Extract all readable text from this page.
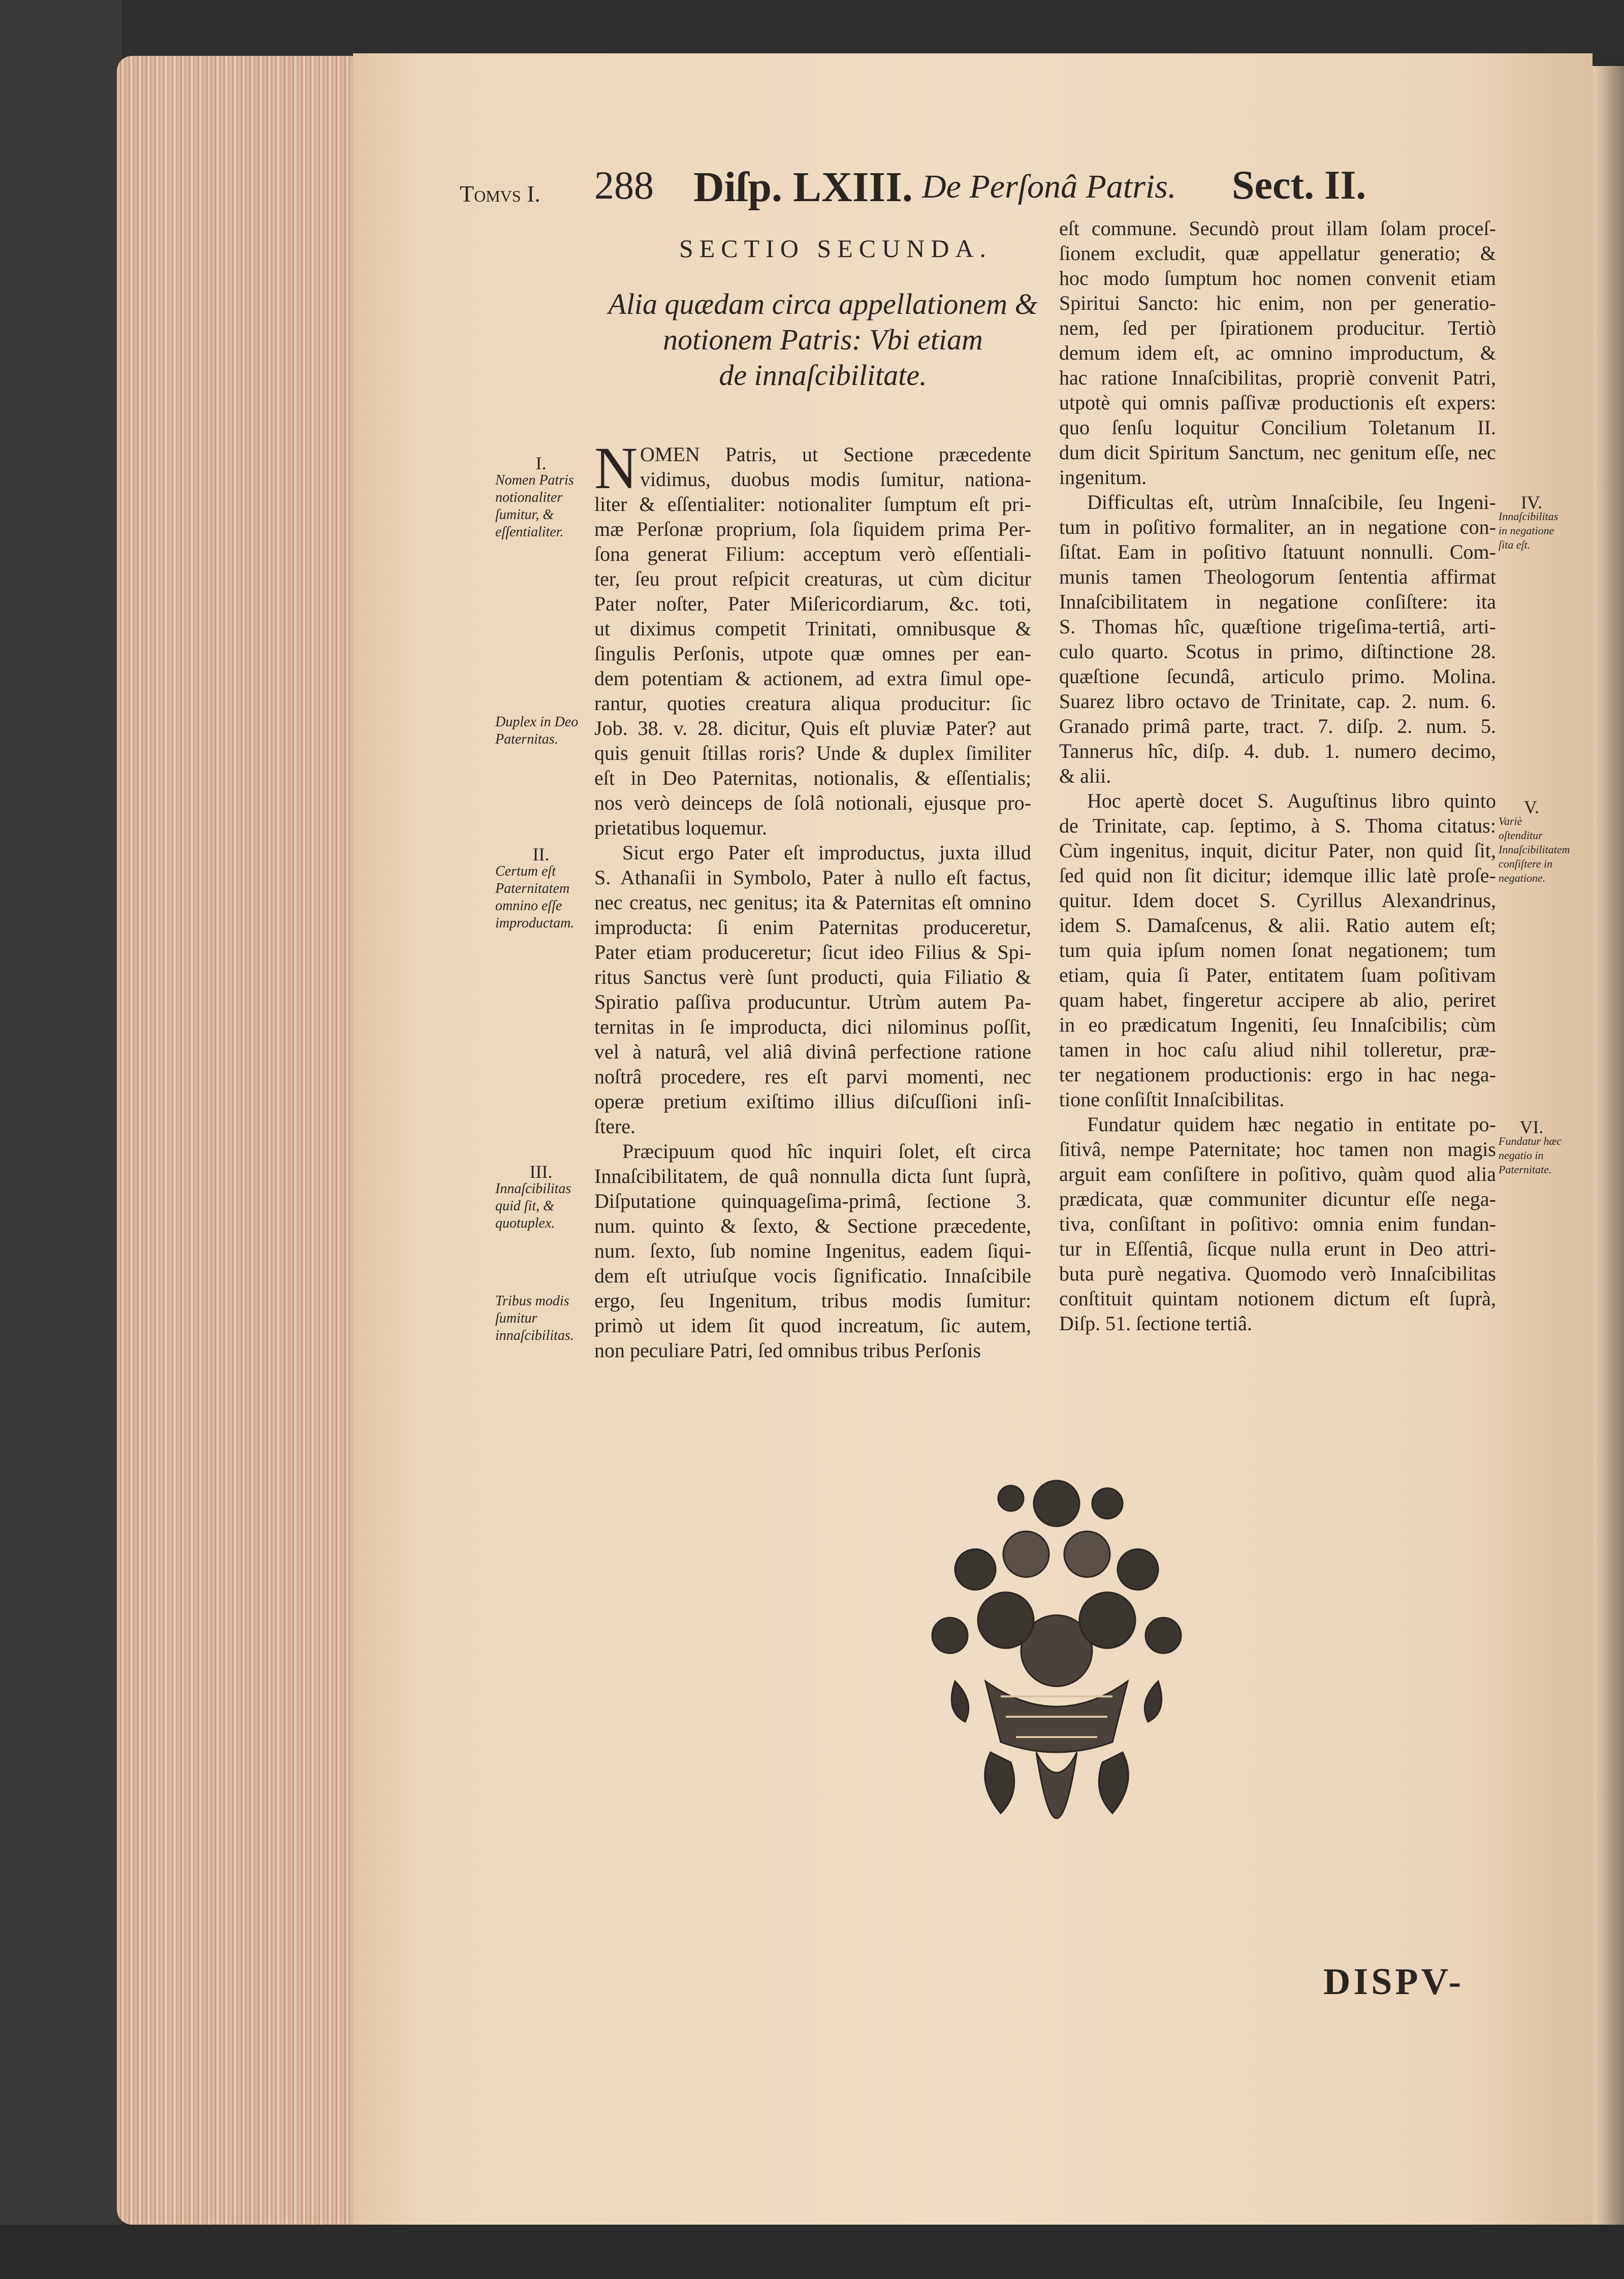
Tomvs I. 288 Diſp. LXIII. De Perſonâ Patris. Sect. II.
SECTIO SECUNDA.
Alia quædam circa appellationem &
notionem Patris: Vbi etiam
de innaſcibilitate.
N OMEN Patris, ut Sectione præcedente
vidimus, duobus modis ſumitur, nationa-
liter & eſſentialiter: notionaliter ſumptum eſt pri-
mæ Perſonæ proprium, ſola ſiquidem prima Per-
ſona generat Filium: acceptum verò eſſentiali-
ter, ſeu prout reſpicit creaturas, ut cùm dicitur
Pater noſter, Pater Miſericordiarum, &c. toti,
ut diximus competit Trinitati, omnibusque &
ſingulis Perſonis, utpote quæ omnes per ean-
dem potentiam & actionem, ad extra ſimul ope-
rantur, quoties creatura aliqua producitur: ſic
Job. 38. v. 28. dicitur, Quis eſt pluviæ Pater? aut
quis genuit ſtillas roris? Unde & duplex ſimiliter
eſt in Deo Paternitas, notionalis, & eſſentialis;
nos verò deinceps de ſolâ notionali, ejusque pro-
prietatibus loquemur.
Sicut ergo Pater eſt improductus, juxta illud
S. Athanaſii in Symbolo, Pater à nullo eſt factus,
nec creatus, nec genitus; ita & Paternitas eſt omnino
improducta: ſi enim Paternitas produceretur,
Pater etiam produceretur; ſicut ideo Filius & Spi-
ritus Sanctus verè ſunt producti, quia Filiatio &
Spiratio paſſiva producuntur. Utrùm autem Pa-
ternitas in ſe improducta, dici nilominus poſſit,
vel à naturâ, vel aliâ divinâ perfectione ratione
noſtrâ procedere, res eſt parvi momenti, nec
operæ pretium exiſtimo illius diſcuſſioni inſi-
ſtere.
Præcipuum quod hîc inquiri ſolet, eſt circa
Innaſcibilitatem, de quâ nonnulla dicta ſunt ſuprà,
Diſputatione quinquageſima-primâ, ſectione 3.
num. quinto & ſexto, & Sectione præcedente,
num. ſexto, ſub nomine Ingenitus, eadem ſiqui-
dem eſt utriuſque vocis ſignificatio. Innaſcibile
ergo, ſeu Ingenitum, tribus modis ſumitur:
primò ut idem ſit quod increatum, ſic autem,
non peculiare Patri, ſed omnibus tribus Perſonis
eſt commune. Secundò prout illam ſolam proceſ-
ſionem excludit, quæ appellatur generatio; &
hoc modo ſumptum hoc nomen convenit etiam
Spiritui Sancto: hic enim, non per generatio-
nem, ſed per ſpirationem producitur. Tertiò
demum idem eſt, ac omnino improductum, &
hac ratione Innaſcibilitas, propriè convenit Patri,
utpotè qui omnis paſſivæ productionis eſt expers:
quo ſenſu loquitur Concilium Toletanum II.
dum dicit Spiritum Sanctum, nec genitum eſſe, nec
ingenitum.
Difficultas eſt, utrùm Innaſcibile, ſeu Ingeni-
tum in poſitivo formaliter, an in negatione con-
ſiſtat. Eam in poſitivo ſtatuunt nonnulli. Com-
munis tamen Theologorum ſententia affirmat
Innaſcibilitatem in negatione conſiſtere: ita
S. Thomas hîc, quæſtione trigeſima-tertiâ, arti-
culo quarto. Scotus in primo, diſtinctione 28.
quæſtione ſecundâ, articulo primo. Molina.
Suarez libro octavo de Trinitate, cap. 2. num. 6.
Granado primâ parte, tract. 7. diſp. 2. num. 5.
Tannerus hîc, diſp. 4. dub. 1. numero decimo,
& alii.
Hoc apertè docet S. Auguſtinus libro quinto
de Trinitate, cap. ſeptimo, à S. Thoma citatus:
Cùm ingenitus, inquit, dicitur Pater, non quid ſit,
ſed quid non ſit dicitur; idemque illic latè proſe-
quitur. Idem docet S. Cyrillus Alexandrinus,
idem S. Damaſcenus, & alii. Ratio autem eſt;
tum quia ipſum nomen ſonat negationem; tum
etiam, quia ſi Pater, entitatem ſuam poſitivam
quam habet, fingeretur accipere ab alio, periret
in eo prædicatum Ingeniti, ſeu Innaſcibilis; cùm
tamen in hoc caſu aliud nihil tolleretur, præ-
ter negationem productionis: ergo in hac nega-
tione conſiſtit Innaſcibilitas.
Fundatur quidem hæc negatio in entitate po-
ſitivâ, nempe Paternitate; hoc tamen non magis
arguit eam conſiſtere in poſitivo, quàm quod alia
prædicata, quæ communiter dicuntur eſſe nega-
tiva, conſiſtant in poſitivo: omnia enim fundan-
tur in Eſſentiâ, ſicque nulla erunt in Deo attri-
buta purè negativa. Quomodo verò Innaſcibilitas
conſtituit quintam notionem dictum eſt ſuprà,
Diſp. 51. ſectione tertiâ.
I.
Nomen Patris notionaliter ſumitur, & eſſentialiter.
Duplex in Deo Paternitas.
II.
Certum eſt Paternitatem omnino eſſe improductam.
III.
Innaſcibilitas quid ſit, & quotuplex.
Tribus modis ſumitur innaſcibilitas.
IV.
Innaſcibilitas in negatione ſita eſt.
V.
Variè oſtenditur Innaſcibilitatem conſiſtere in negatione.
VI.
Fundatur hæc negatio in Paternitate.
DISPV-
